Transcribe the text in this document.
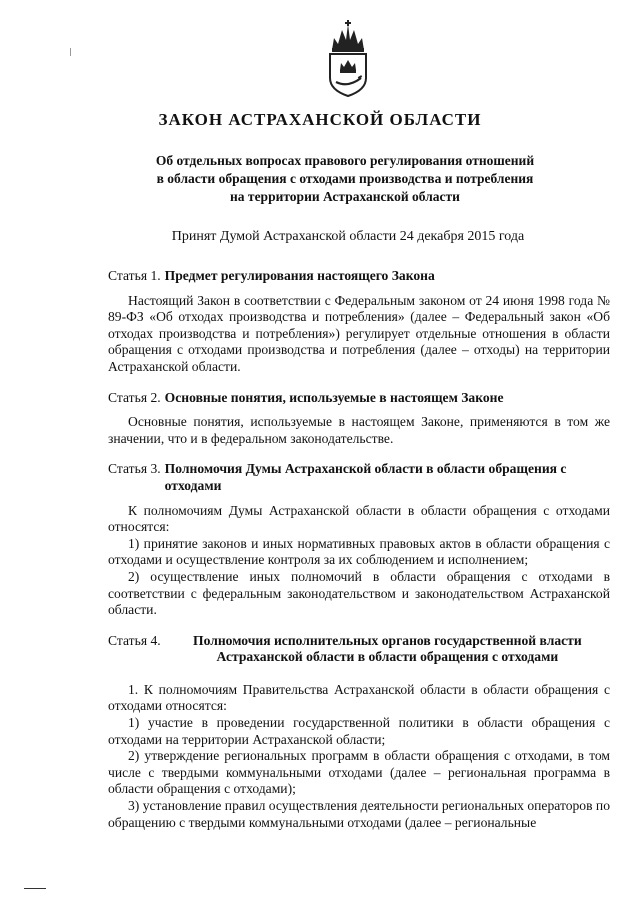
ЗАКОН АСТРАХАНСКОЙ ОБЛАСТИ
Об отдельных вопросах правового регулирования отношений
в области обращения с отходами производства и потребления
на территории Астраханской области
Принят Думой Астраханской области 24 декабря 2015 года
Статья 1. Предмет регулирования настоящего Закона

Настоящий Закон в соответствии с Федеральным законом от 24 июня 1998 года № 89-ФЗ «Об отходах производства и потребления» (далее – Федеральный закон «Об отходах производства и потребления») регулирует отдельные отношения в области обращения с отходами производства и потребления (далее – отходы) на территории Астраханской области.

Статья 2. Основные понятия, используемые в настоящем Законе

Основные понятия, используемые в настоящем Законе, применяются в том же значении, что и в федеральном законодательстве.

Статья 3. Полномочия Думы Астраханской области в области обращения с отходами

К полномочиям Думы Астраханской области в области обращения с отходами относятся:

1) принятие законов и иных нормативных правовых актов в области обращения с отходами и осуществление контроля за их соблюдением и исполнением;

2) осуществление иных полномочий в области обращения с отходами в соответствии с федеральным законодательством и законодательством Астраханской области.

Статья 4.	Полномочия исполнительных органов государственной власти Астраханской области в области обращения с отходами

1. К полномочиям Правительства Астраханской области в области обращения с отходами относятся:

1) участие в проведении государственной политики в области обращения с отходами на территории Астраханской области;

2) утверждение региональных программ в области обращения с отходами, в том числе с твердыми коммунальными отходами (далее – региональная программа в области обращения с отходами);

3) установление правил осуществления деятельности региональных операторов по обращению с твердыми коммунальными отходами (далее – региональные
